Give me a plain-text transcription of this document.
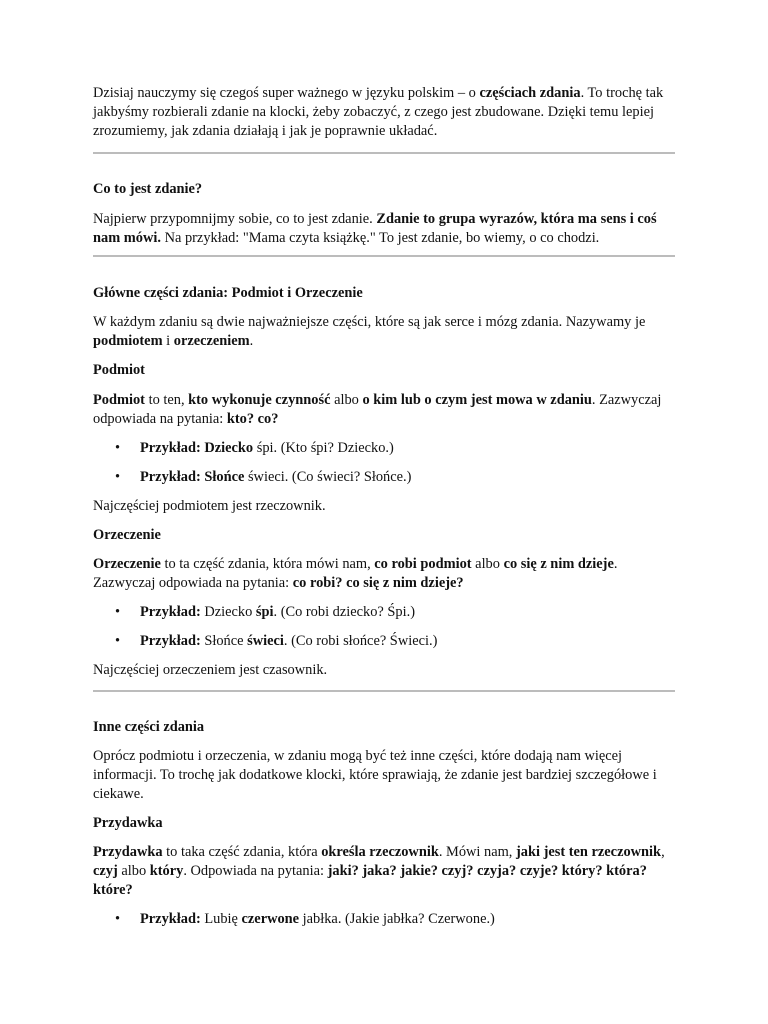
Dzisiaj nauczymy się czegoś super ważnego w języku polskim – o częściach zdania. To trochę tak jakbyśmy rozbierali zdanie na klocki, żeby zobaczyć, z czego jest zbudowane. Dzięki temu lepiej zrozumiemy, jak zdania działają i jak je poprawnie układać.

Co to jest zdanie?

Najpierw przypomnijmy sobie, co to jest zdanie. Zdanie to grupa wyrazów, która ma sens i coś nam mówi. Na przykład: "Mama czyta książkę." To jest zdanie, bo wiemy, o co chodzi.

Główne części zdania: Podmiot i Orzeczenie

W każdym zdaniu są dwie najważniejsze części, które są jak serce i mózg zdania. Nazywamy je podmiotem i orzeczeniem.

Podmiot

Podmiot to ten, kto wykonuje czynność albo o kim lub o czym jest mowa w zdaniu. Zazwyczaj odpowiada na pytania: kto? co?

• Przykład: Dziecko śpi. (Kto śpi? Dziecko.)
• Przykład: Słońce świeci. (Co świeci? Słońce.)

Najczęściej podmiotem jest rzeczownik.

Orzeczenie

Orzeczenie to ta część zdania, która mówi nam, co robi podmiot albo co się z nim dzieje. Zazwyczaj odpowiada na pytania: co robi? co się z nim dzieje?

• Przykład: Dziecko śpi. (Co robi dziecko? Śpi.)
• Przykład: Słońce świeci. (Co robi słońce? Świeci.)

Najczęściej orzeczeniem jest czasownik.

Inne części zdania

Oprócz podmiotu i orzeczenia, w zdaniu mogą być też inne części, które dodają nam więcej informacji. To trochę jak dodatkowe klocki, które sprawiają, że zdanie jest bardziej szczegółowe i ciekawe.

Przydawka

Przydawka to taka część zdania, która określa rzeczownik. Mówi nam, jaki jest ten rzeczownik, czyj albo który. Odpowiada na pytania: jaki? jaka? jakie? czyj? czyja? czyje? który? która? które?

• Przykład: Lubię czerwone jabłka. (Jakie jabłka? Czerwone.)
